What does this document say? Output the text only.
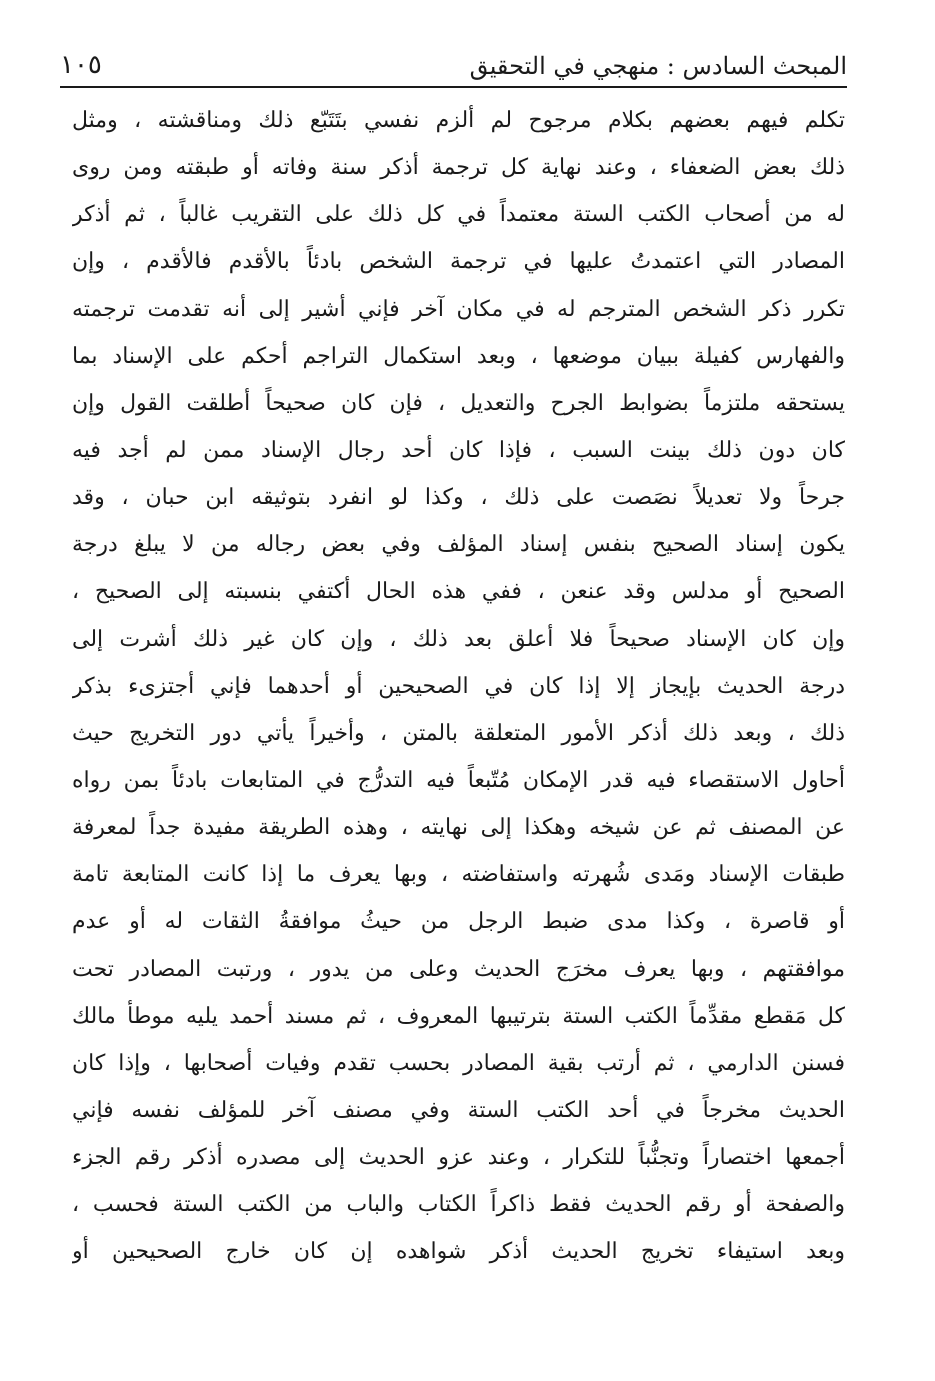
المبحث السادس : منهجي في التحقيق
١٠٥
تكلم فيهم بعضهم بكلام مرجوح لم ألزم نفسي بتَتَبّع ذلك ومناقشته ، ومثل
ذلك بعض الضعفاء ، وعند نهاية كل ترجمة أذكر سنة وفاته أو طبقته ومن روى
له من أصحاب الكتب الستة معتمداً في كل ذلك على التقريب غالباً ، ثم أذكر
المصادر التي اعتمدتُ عليها في ترجمة الشخص بادئاً بالأقدم فالأقدم ، وإن
تكرر ذكر الشخص المترجم له في مكان آخر فإني أشير إلى أنه تقدمت ترجمته
والفهارس كفيلة ببيان موضعها ، وبعد استكمال التراجم أحكم على الإسناد بما
يستحقه ملتزماً بضوابط الجرح والتعديل ، فإن كان صحيحاً أطلقت القول وإن
كان دون ذلك بينت السبب ، فإذا كان أحد رجال الإسناد ممن لم أجد فيه
جرحاً ولا تعديلاً نصَصت على ذلك ، وكذا لو انفرد بتوثيقه ابن حبان ، وقد
يكون إسناد الصحيح بنفس إسناد المؤلف وفي بعض رجاله من لا يبلغ درجة
الصحيح أو مدلس وقد عنعن ، ففي هذه الحال أكتفي بنسبته إلى الصحيح ،
وإن كان الإسناد صحيحاً فلا أعلق بعد ذلك ، وإن كان غير ذلك أشرت إلى
درجة الحديث بإيجاز إلا إذا كان في الصحيحين أو أحدهما فإني أجتزىء بذكر
ذلك ، وبعد ذلك أذكر الأمور المتعلقة بالمتن ، وأخيراً يأتي دور التخريج حيث
أحاول الاستقصاء فيه قدر الإمكان مُتّبعاً فيه التدرُّج في المتابعات بادئاً بمن رواه
عن المصنف ثم عن شيخه وهكذا إلى نهايته ، وهذه الطريقة مفيدة جداً لمعرفة
طبقات الإسناد ومَدى شُهرته واستفاضته ، وبها يعرف ما إذا كانت المتابعة تامة
أو قاصرة ، وكذا مدى ضبط الرجل من حيثُ موافقةُ الثقات له أو عدم
موافقتهم ، وبها يعرف مخرَج الحديث وعلى من يدور ، ورتبت المصادر تحت
كل مَقطع مقدِّماً الكتب الستة بترتيبها المعروف ، ثم مسند أحمد يليه موطأ مالك
فسنن الدارمي ، ثم أرتب بقية المصادر بحسب تقدم وفيات أصحابها ، وإذا كان
الحديث مخرجاً في أحد الكتب الستة وفي مصنف آخر للمؤلف نفسه فإني
أجمعها اختصاراً وتجنُّباً للتكرار ، وعند عزو الحديث إلى مصدره أذكر رقم الجزء
والصفحة أو رقم الحديث فقط ذاكراً الكتاب والباب من الكتب الستة فحسب ،
وبعد استيفاء تخريج الحديث أذكر شواهده إن كان خارج الصحيحين أو
